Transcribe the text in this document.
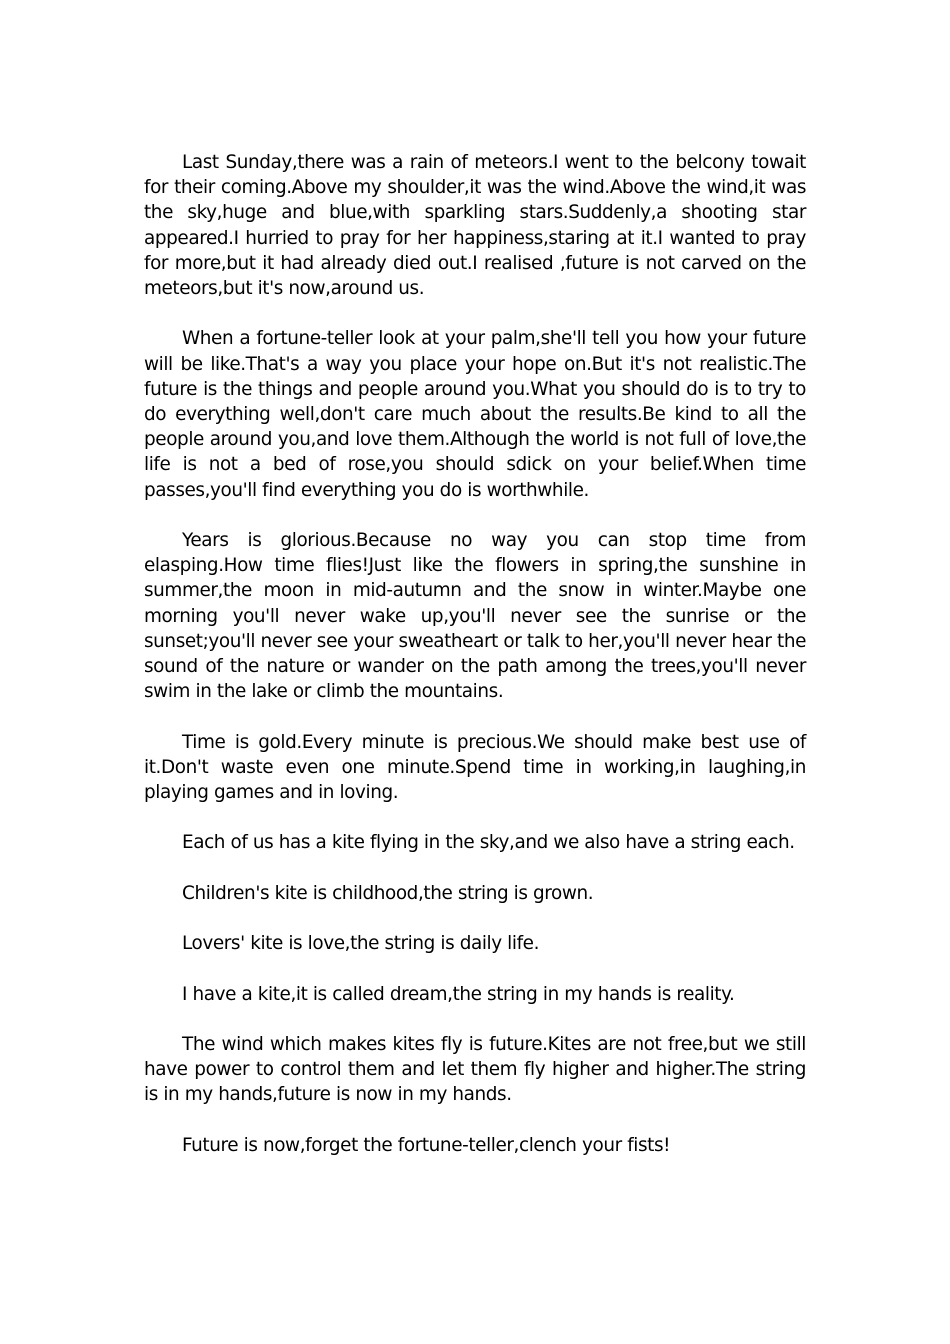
Last Sunday,there was a rain of meteors.I went to the belcony towait for their coming.Above my shoulder,it was the wind.Above the wind,it was the sky,huge and blue,with sparkling stars.Suddenly,a shooting star appeared.I hurried to pray for her happiness,staring at it.I wanted to pray for more,but it had already died out.I realised ,future is not carved on the meteors,but it's now,around us.

When a fortune-teller look at your palm,she'll tell you how your future will be like.That's a way you place your hope on.But it's not realistic.The future is the things and people around you.What you should do is to try to do everything well,don't care much about the results.Be kind to all the people around you,and love them.Although the world is not full of love,the life is not a bed of rose,you should sdick on your belief.When time passes,you'll find everything you do is worthwhile.

Years is glorious.Because no way you can stop time from elasping.How time flies!Just like the flowers in spring,the sunshine in summer,the moon in mid-autumn and the snow in winter.Maybe one morning you'll never wake up,you'll never see the sunrise or the sunset;you'll never see your sweatheart or talk to her,you'll never hear the sound of the nature or wander on the path among the trees,you'll never swim in the lake or climb the mountains.

Time is gold.Every minute is precious.We should make best use of it.Don't waste even one minute.Spend time in working,in laughing,in playing games and in loving.

Each of us has a kite flying in the sky,and we also have a string each.

Children's kite is childhood,the string is grown.

Lovers' kite is love,the string is daily life.

I have a kite,it is called dream,the string in my hands is reality.

The wind which makes kites fly is future.Kites are not free,but we still have power to control them and let them fly higher and higher.The string is in my hands,future is now in my hands.

Future is now,forget the fortune-teller,clench your fists!
